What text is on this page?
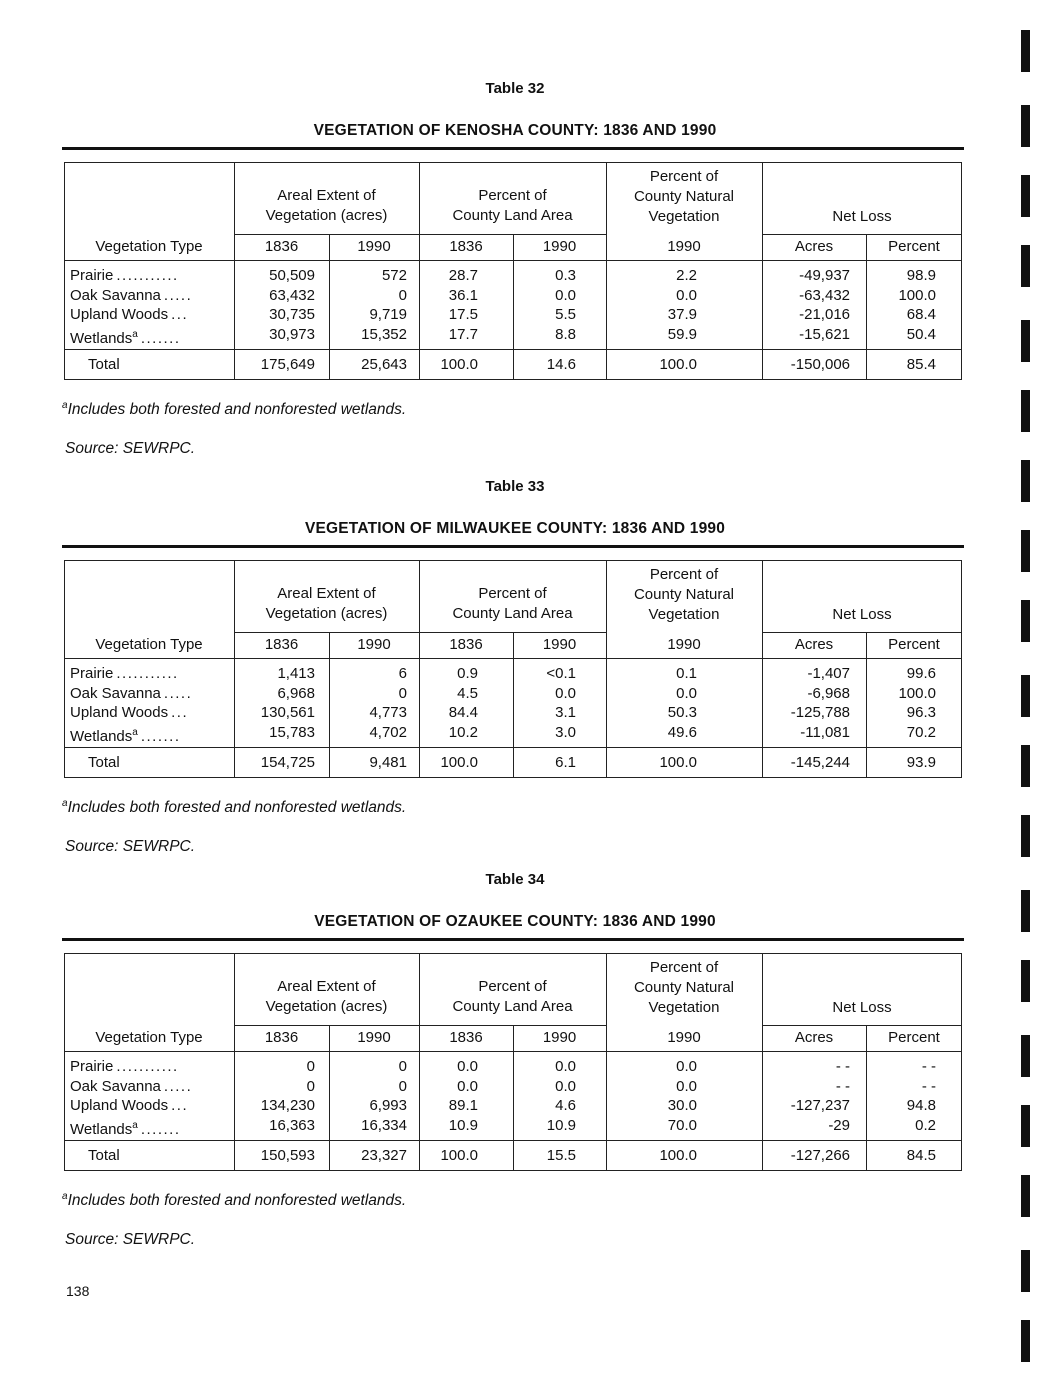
Table 32
VEGETATION OF KENOSHA COUNTY: 1836 AND 1990
Areal Extent of
Vegetation (acres)
Percent of
County Land Area
Percent of
County Natural
Vegetation	Net Loss
Vegetation Type	1836	1990	1836	1990	1990	Acres	Percent
Prairie ...........	50,509	572	28.7	0.3	2.2	-49,937	98.9
Oak Savanna .....	63,432	0	36.1	0.0	0.0	-63,432	100.0
Upland Woods ...	30,735	9,719	17.5	5.5	37.9	-21,016	68.4
Wetlands$^a$ .......	30,973	15,352	17.7	8.8	59.9	-15,621	50.4
Total	175,649	25,643	100.0	14.6	100.0	-150,006	85.4
$^a$Includes both forested and nonforested wetlands.
Source: SEWRPC.
Table 33
VEGETATION OF MILWAUKEE COUNTY: 1836 AND 1990
Areal Extent of
Vegetation (acres)
Percent of
County Land Area
Percent of
County Natural
Vegetation	Net Loss
Vegetation Type	1836	1990	1836	1990	1990	Acres	Percent
Prairie ...........	1,413	6	0.9	<0.1	0.1	-1,407	99.6
Oak Savanna .....	6,968	0	4.5	0.0	0.0	-6,968	100.0
Upland Woods ...	130,561	4,773	84.4	3.1	50.3	-125,788	96.3
Wetlands$^a$ .......	15,783	4,702	10.2	3.0	49.6	-11,081	70.2
Total	154,725	9,481	100.0	6.1	100.0	-145,244	93.9
$^a$Includes both forested and nonforested wetlands.
Source: SEWRPC.
Table 34
VEGETATION OF OZAUKEE COUNTY: 1836 AND 1990
Areal Extent of
Vegetation (acres)
Percent of
County Land Area
Percent of
County Natural
Vegetation	Net Loss
Vegetation Type	1836	1990	1836	1990	1990	Acres	Percent
Prairie ...........	0	0	0.0	0.0	0.0	- -	- -
Oak Savanna .....	0	0	0.0	0.0	0.0	- -	- -
Upland Woods ...	134,230	6,993	89.1	4.6	30.0	-127,237	94.8
Wetlands$^a$ .......	16,363	16,334	10.9	10.9	70.0	-29	0.2
Total	150,593	23,327	100.0	15.5	100.0	-127,266	84.5
$^a$Includes both forested and nonforested wetlands.
Source: SEWRPC.
138
